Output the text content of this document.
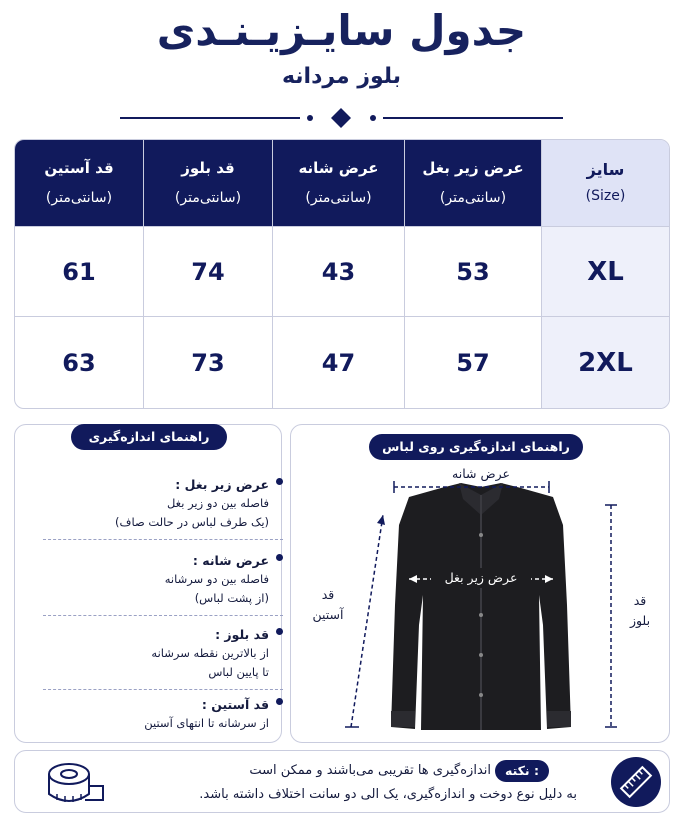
جدول سایـزیـنـدی
بلوز مردانه
قد آستین
(سانتی‌متر)
قد بلوز
(سانتی‌متر)
عرض شانه
(سانتی‌متر)
عرض زیر بغل
(سانتی‌متر)
سایز
(Size)
61	74	43	53	XL
63	73	47	57	2XL
راهنمای اندازه‌گیری
عرض زیر بغل :
فاصله بین دو زیر بغل
(یک طرف لباس در حالت صاف)
عرض شانه :
فاصله بین دو سرشانه
(از پشت لباس)
قد بلوز :
از بالاترین نقطه سرشانه
تا پایین لباس
قد آستین :
از سرشانه تا انتهای آستین
راهنمای اندازه‌گیری روی لباس
عرض شانه
عرض زیر بغل
قد
آستین
قد
بلوز
نکته :
اندازه‌گیری ها تقریبی می‌باشند و ممکن است
به دلیل نوع دوخت و اندازه‌گیری، یک الی دو سانت اختلاف داشته باشد.
